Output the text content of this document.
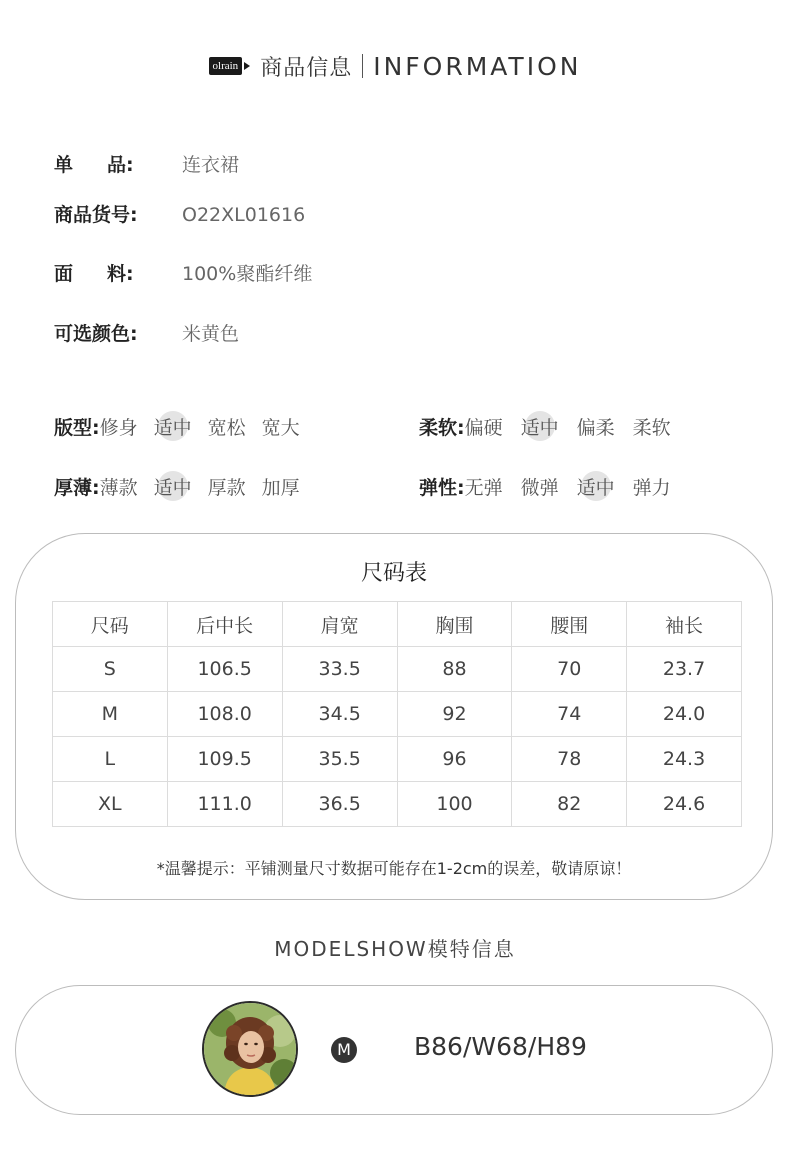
olrain 商品信息 INFORMATION
单 品 :	连衣裙
商品货号:	O22XL01616
面 料 :	100%聚酯纤维
可选颜色:	米黄色
版型: 修身 适中 宽松 宽大	柔软: 偏硬 适中 偏柔 柔软
厚薄: 薄款 适中 厚款 加厚	弹性: 无弹 微弹 适中 弹力
尺码表
尺码	后中长	肩宽	胸围	腰围	袖长
S	106.5	33.5	88	70	23.7
M	108.0	34.5	92	74	24.0
L	109.5	35.5	96	78	24.3
XL	111.0	36.5	100	82	24.6
*温馨提示：平铺测量尺寸数据可能存在1-2cm的误差，敬请原谅！
MODELSHOW模特信息
M	B86/W68/H89
